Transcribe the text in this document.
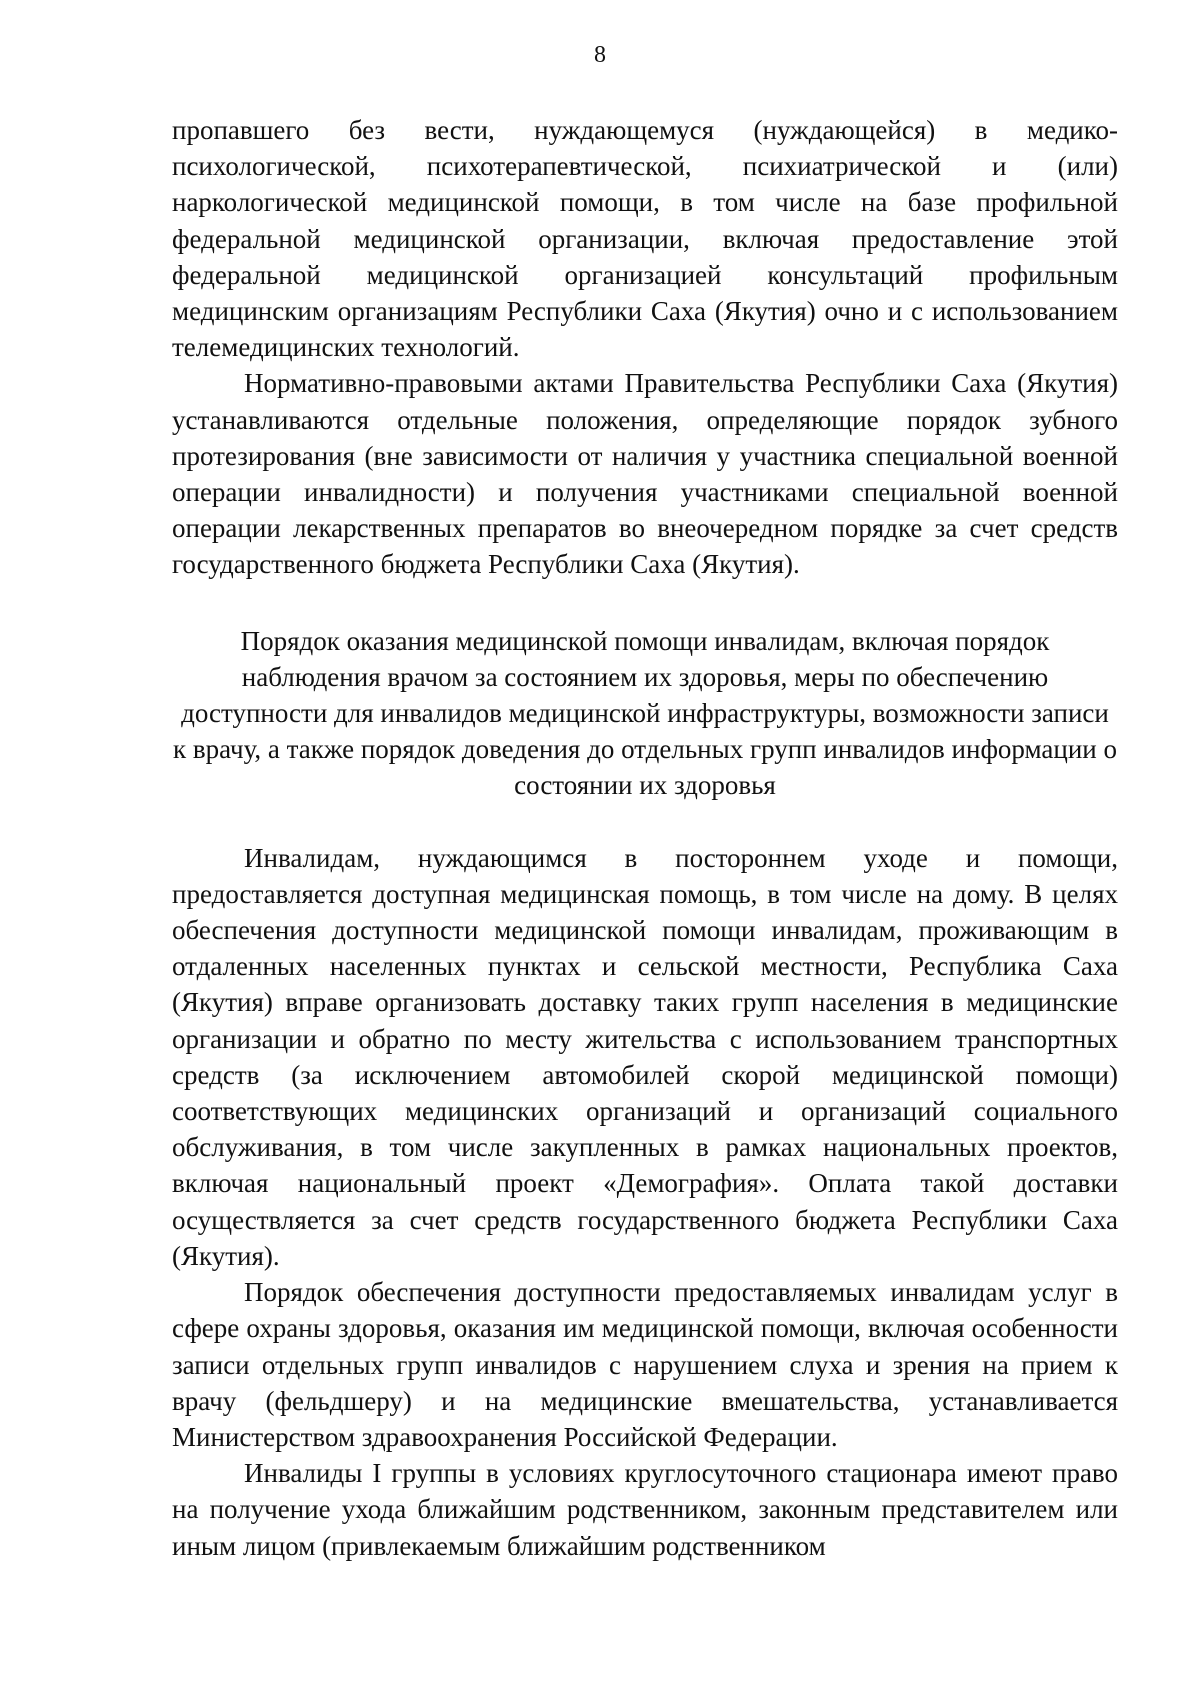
8

пропавшего без вести, нуждающемуся (нуждающейся) в медико-психологической, психотерапевтической, психиатрической и (или) наркологической медицинской помощи, в том числе на базе профильной федеральной медицинской организации, включая предоставление этой федеральной медицинской организацией консультаций профильным медицинским организациям Республики Саха (Якутия) очно и с использованием телемедицинских технологий.

Нормативно-правовыми актами Правительства Республики Саха (Якутия) устанавливаются отдельные положения, определяющие порядок зубного протезирования (вне зависимости от наличия у участника специальной военной операции инвалидности) и получения участниками специальной военной операции лекарственных препаратов во внеочередном порядке за счет средств государственного бюджета Республики Саха (Якутия).

Порядок оказания медицинской помощи инвалидам, включая порядок наблюдения врачом за состоянием их здоровья, меры по обеспечению доступности для инвалидов медицинской инфраструктуры, возможности записи к врачу, а также порядок доведения до отдельных групп инвалидов информации о состоянии их здоровья

Инвалидам, нуждающимся в постороннем уходе и помощи, предоставляется доступная медицинская помощь, в том числе на дому. В целях обеспечения доступности медицинской помощи инвалидам, проживающим в отдаленных населенных пунктах и сельской местности, Республика Саха (Якутия) вправе организовать доставку таких групп населения в медицинские организации и обратно по месту жительства с использованием транспортных средств (за исключением автомобилей скорой медицинской помощи) соответствующих медицинских организаций и организаций социального обслуживания, в том числе закупленных в рамках национальных проектов, включая национальный проект «Демография». Оплата такой доставки осуществляется за счет средств государственного бюджета Республики Саха (Якутия).

Порядок обеспечения доступности предоставляемых инвалидам услуг в сфере охраны здоровья, оказания им медицинской помощи, включая особенности записи отдельных групп инвалидов с нарушением слуха и зрения на прием к врачу (фельдшеру) и на медицинские вмешательства, устанавливается Министерством здравоохранения Российской Федерации.

Инвалиды I группы в условиях круглосуточного стационара имеют право на получение ухода ближайшим родственником, законным представителем или иным лицом (привлекаемым ближайшим родственником
